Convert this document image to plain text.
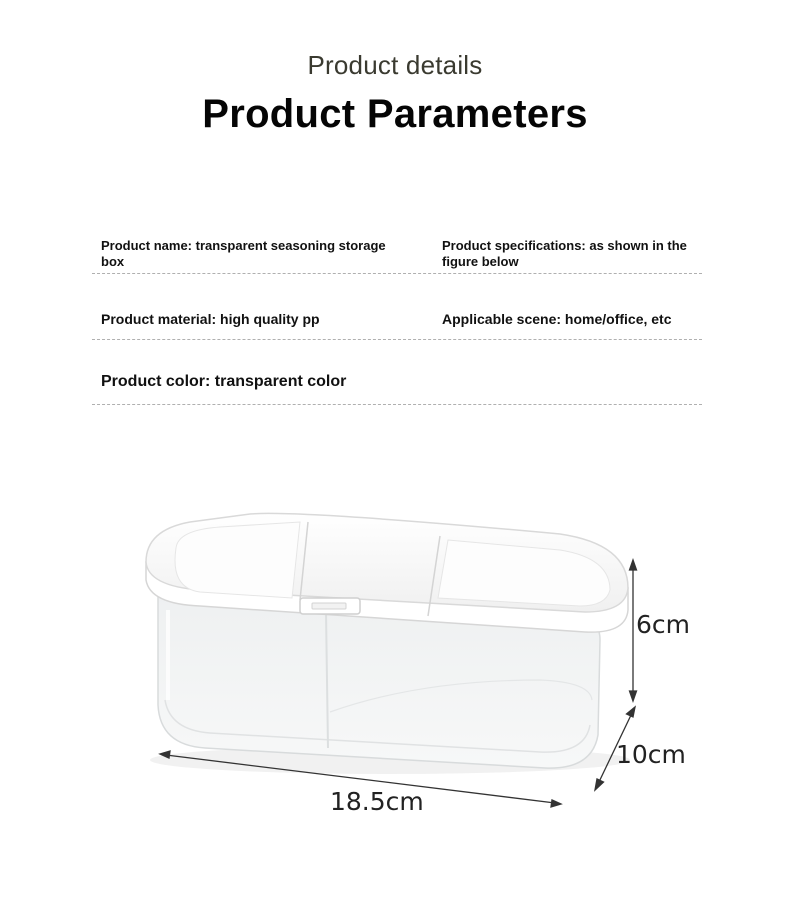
Product details
Product Parameters
Product name: transparent seasoning storage box
Product specifications: as shown in the figure below
Product material: high quality pp	Applicable scene: home/office, etc
Product color: transparent color
6cm
10cm
18.5cm
